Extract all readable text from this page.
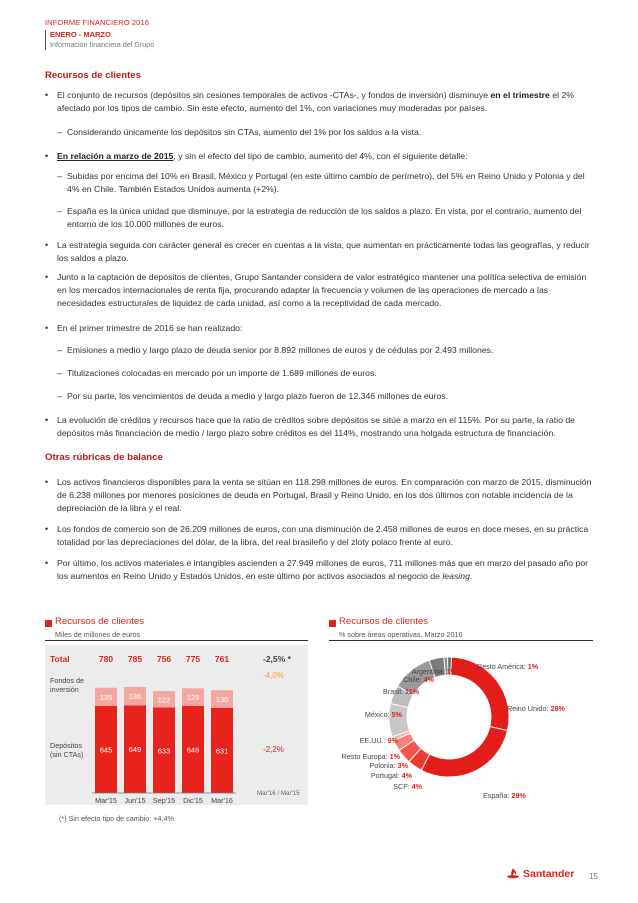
INFORME FINANCIERO 2016
ENERO - MARZO
Información financiera del Grupo
Recursos de clientes
• El conjunto de recursos (depósitos sin cesiones temporales de activos -CTAs-, y fondos de inversión) disminuye en el trimestre el 2% afectado por los tipos de cambio. Sin este efecto, aumento del 1%, con variaciones muy moderadas por países.
– Considerando únicamente los depósitos sin CTAs, aumento del 1% por los saldos a la vista.
• En relación a marzo de 2015, y sin el efecto del tipo de cambio, aumento del 4%, con el siguiente detalle:
– Subidas por encima del 10% en Brasil, México y Portugal (en este último cambio de perímetro), del 5% en Reino Unido y Polonia y del 4% en Chile. También Estados Unidos aumenta (+2%).
– España es la única unidad que disminuye, por la estrategia de reducción de los saldos a plazo. En vista, por el contrario, aumento del entorno de los 10.000 millones de euros.
• La estrategia seguida con carácter general es crecer en cuentas a la vista, que aumentan en prácticamente todas las geografías, y reducir los saldos a plazo.
• Junto a la captación de depósitos de clientes, Grupo Santander considera de valor estratégico mantener una política selectiva de emisión en los mercados internacionales de renta fija, procurando adaptar la frecuencia y volumen de las operaciones de mercado a las necesidades estructurales de liquidez de cada unidad, así como a la receptividad de cada mercado.
• En el primer trimestre de 2016 se han realizado:
– Emisiones a medio y largo plazo de deuda senior por 8.892 millones de euros y de cédulas por 2.493 millones.
– Titulizaciones colocadas en mercado por un importe de 1.689 millones de euros.
– Por su parte, los vencimientos de deuda a medio y largo plazo fueron de 12.346 millones de euros.
• La evolución de créditos y recursos hace que la ratio de créditos sobre depósitos se sitúe a marzo en el 115%. Por su parte, la ratio de depósitos más financiación de medio / largo plazo sobre créditos es del 114%, mostrando una holgada estructura de financiación.
Otras rúbricas de balance
• Los activos financieros disponibles para la venta se sitúan en 118.298 millones de euros. En comparación con marzo de 2015, disminución de 6.238 millones por menores posiciones de deuda en Portugal, Brasil y Reino Unido, en los dos últimos con notable incidencia de la depreciación de la libra y el real.
• Los fondos de comercio son de 26.209 millones de euros, con una disminución de 2.458 millones de euros en doce meses, en su práctica totalidad por las depreciaciones del dólar, de la libra, del real brasileño y del zloty polaco frente al euro.
• Por último, los activos materiales e intangibles ascienden a 27.949 millones de euros, 711 millones más que en marzo del pasado año por los aumentos en Reino Unido y Estados Unidos, en este último por activos asociados al negocio de leasing.
Recursos de clientes
Miles de millones de euros
Recursos de clientes
% sobre áreas operativas. Marzo 2016
Total
Fondos de
inversión
Depósitos
(sin CTAs)
780
135
645
Mar'15
785
136
649
Jun'15
756
122
633
Sep'15
775
129
646
Dic'15
761
130
631
Mar'16
-2,5% *
-4,0%
-2,2%
Mar'16 / Mar'15
(*) Sin efecto tipo de cambio: +4,4%
Reino Unido: 28%
España: 29%
SCF: 4%
Portugal: 4%
Polonia: 3%
Resto Europa: 1%
EE.UU.: 9%
México: 5%
Brasil: 11%
Chile: 4%
Argentina: 1%
Resto América: 1%
Santander 15
